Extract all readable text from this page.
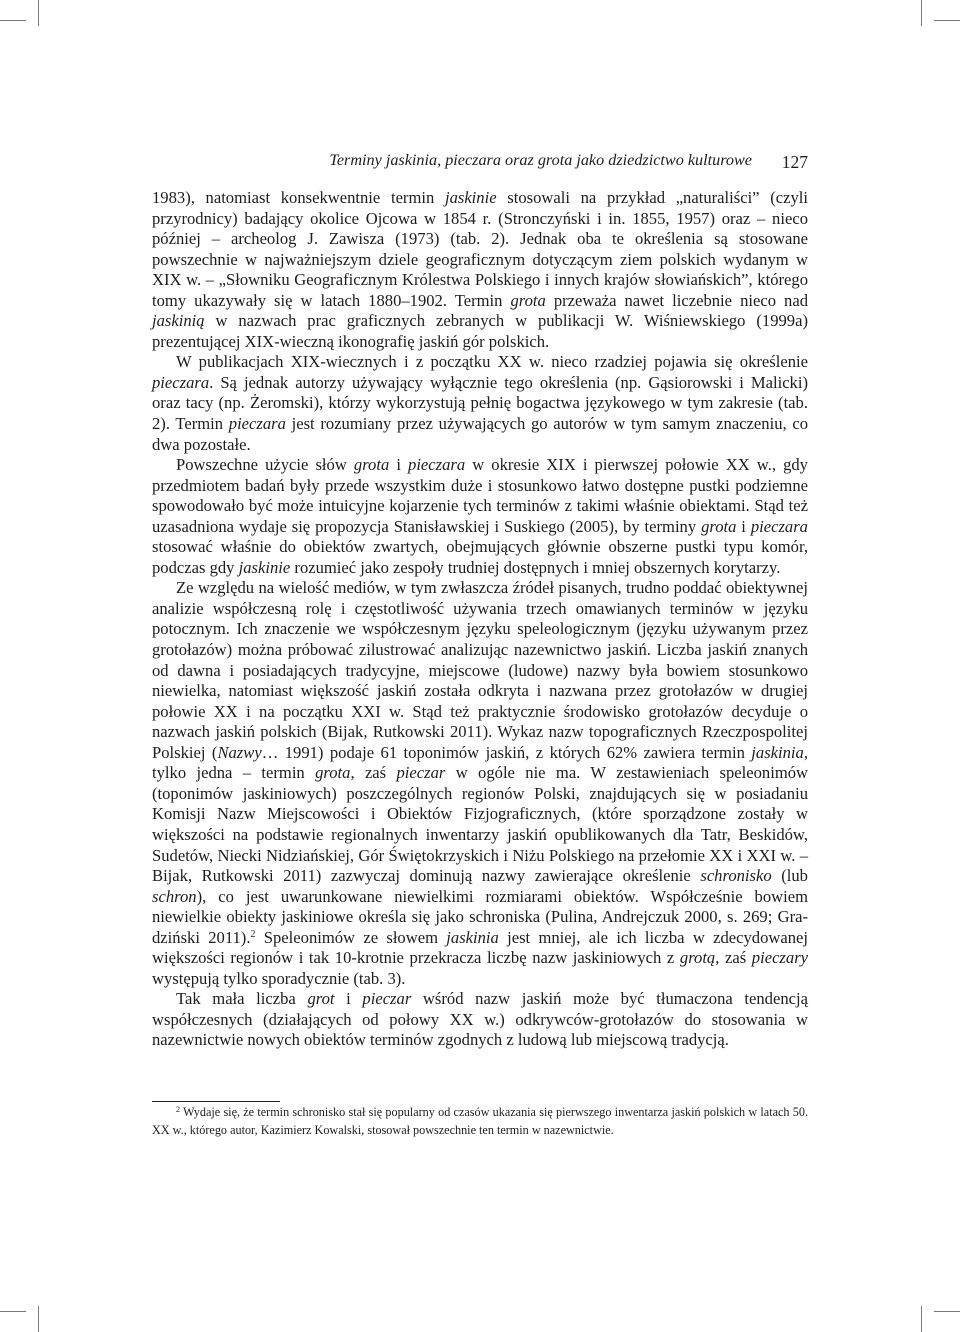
Terminy jaskinia, pieczara oraz grota jako dziedzictwo kulturowe 127

1983), natomiast konsekwentnie termin jaskinie stosowali na przykład „naturaliści” (czyli przyrodnicy) badający okolice Ojcowa w 1854 r. (Stronczyński i in. 1855, 1957) oraz – nieco później – archeolog J. Zawisza (1973) (tab. 2). Jednak oba te określenia są stosowane powszechnie w najważniejszym dziele geograficznym dotyczącym ziem polskich wydanym w XIX w. – „Słowniku Geograficznym Królestwa Polskiego i innych krajów słowiańskich”, którego tomy ukazywały się w latach 1880–1902. Termin grota przeważa nawet liczebnie nieco nad jaskinią w nazwach prac graficznych zebranych w publikacji W. Wiśniewskiego (1999a) prezentującej XIX-wieczną ikonografię jaskiń gór polskich.

W publikacjach XIX-wiecznych i z początku XX w. nieco rzadziej pojawia się określenie pieczara. Są jednak autorzy używający wyłącznie tego określenia (np. Gąsiorowski i Malicki) oraz tacy (np. Żeromski), którzy wykorzystują pełnię bogactwa językowego w tym zakresie (tab. 2). Termin pieczara jest rozumiany przez używających go autorów w tym samym znaczeniu, co dwa pozostałe.

Powszechne użycie słów grota i pieczara w okresie XIX i pierwszej połowie XX w., gdy przedmiotem badań były przede wszystkim duże i stosunkowo łatwo dostępne pustki podziemne spowodowało być może intuicyjne kojarzenie tych terminów z takimi właśnie obiektami. Stąd też uzasadniona wydaje się propozycja Stanisławskiej i Suskiego (2005), by terminy grota i pieczara stosować właśnie do obiektów zwartych, obejmujących głównie obszerne pustki typu komór, podczas gdy jaskinie rozumieć jako zespoły trudniej dostępnych i mniej obszernych korytarzy.

Ze względu na wielość mediów, w tym zwłaszcza źródeł pisanych, trudno poddać obiektywnej analizie współczesną rolę i częstotliwość używania trzech omawianych terminów w języku potocznym. Ich znaczenie we współczesnym języku speleologicznym (języku używanym przez grotołazów) można próbować zilustrować analizując nazewnictwo jaskiń. Liczba jaskiń znanych od dawna i posiadających tradycyjne, miejscowe (ludowe) nazwy była bowiem stosunkowo niewielka, natomiast większość jaskiń została odkryta i nazwana przez grotołazów w drugiej połowie XX i na początku XXI w. Stąd też praktycznie środowisko grotołazów decyduje o nazwach jaskiń polskich (Bijak, Rutkowski 2011). Wykaz nazw topograficznych Rzeczpospolitej Polskiej (Nazwy… 1991) podaje 61 toponimów jaskiń, z których 62% zawiera termin jaskinia, tylko jedna – termin grota, zaś pieczar w ogóle nie ma. W zestawieniach speleonimów (toponimów jaskiniowych) poszczególnych regionów Polski, znajdujących się w posiadaniu Komisji Nazw Miejscowości i Obiektów Fizjograficznych, (które sporządzone zostały w większości na podstawie regionalnych inwentarzy jaskiń opublikowanych dla Tatr, Beskidów, Sudetów, Niecki Nidziańskiej, Gór Świętokrzyskich i Niżu Polskiego na przełomie XX i XXI w. – Bijak, Rutkowski 2011) zazwyczaj dominują nazwy zawierające określenie schronisko (lub schron), co jest uwarunkowane niewielkimi rozmiarami obiektów. Współcześnie bowiem niewielkie obiekty jaskiniowe określa się jako schroniska (Pulina, Andrejczuk 2000, s. 269; Gradziński 2011).$^2$ Speleonimów ze słowem jaskinia jest mniej, ale ich liczba w zdecydowanej większości regionów i tak 10-krotnie przekracza liczbę nazw jaskiniowych z grotą, zaś pieczary występują tylko sporadycznie (tab. 3).

Tak mała liczba grot i pieczar wśród nazw jaskiń może być tłumaczona tendencją współczesnych (działających od połowy XX w.) odkrywców-grotołazów do stosowania w nazewnictwie nowych obiektów terminów zgodnych z ludową lub miejscową tradycją.

$^2$ Wydaje się, że termin schronisko stał się popularny od czasów ukazania się pierwszego inwentarza jaskiń polskich w latach 50. XX w., którego autor, Kazimierz Kowalski, stosował powszechnie ten termin w nazewnictwie.
